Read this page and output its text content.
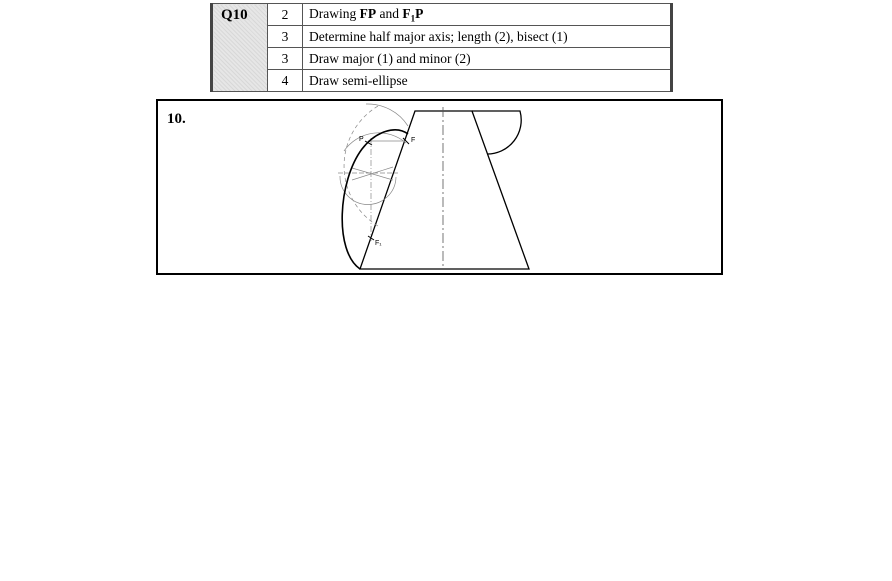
Q10	2	Drawing FP and $F_1P$
	3	Determine half major axis; length (2), bisect (1)
	3	Draw major (1) and minor (2)
	4	Draw semi-ellipse
10.
P	F
F₁
